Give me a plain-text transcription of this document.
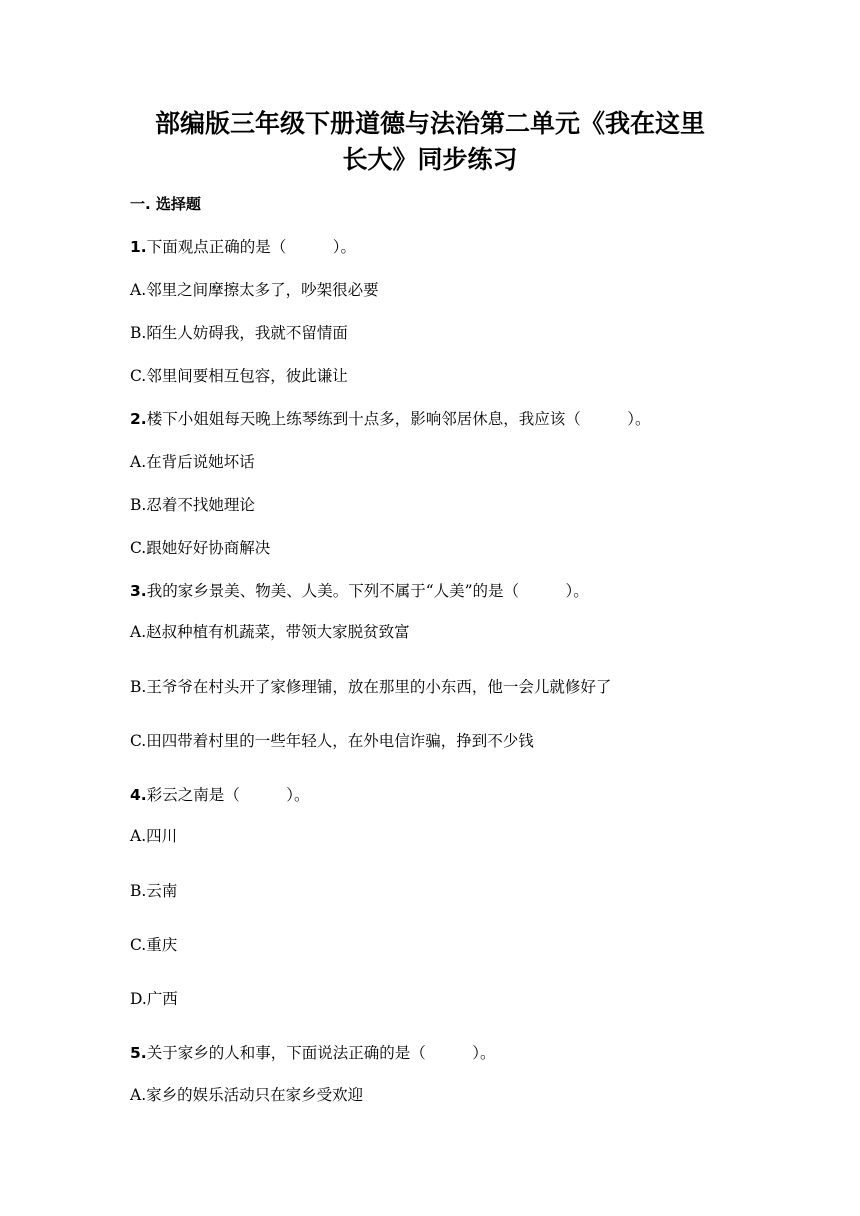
部编版三年级下册道德与法治第二单元《我在这里
长大》同步练习
一. 选择题
1.下面观点正确的是（　　　）。
A.邻里之间摩擦太多了，吵架很必要
B.陌生人妨碍我，我就不留情面
C.邻里间要相互包容，彼此谦让
2.楼下小姐姐每天晚上练琴练到十点多，影响邻居休息，我应该（　　　）。
A.在背后说她坏话
B.忍着不找她理论
C.跟她好好协商解决
3.我的家乡景美、物美、人美。下列不属于“人美”的是（　　　）。
A.赵叔种植有机蔬菜，带领大家脱贫致富
B.王爷爷在村头开了家修理铺，放在那里的小东西，他一会儿就修好了
C.田四带着村里的一些年轻人，在外电信诈骗，挣到不少钱
4.彩云之南是（　　　）。
A.四川
B.云南
C.重庆
D.广西
5.关于家乡的人和事，下面说法正确的是（　　　）。
A.家乡的娱乐活动只在家乡受欢迎
